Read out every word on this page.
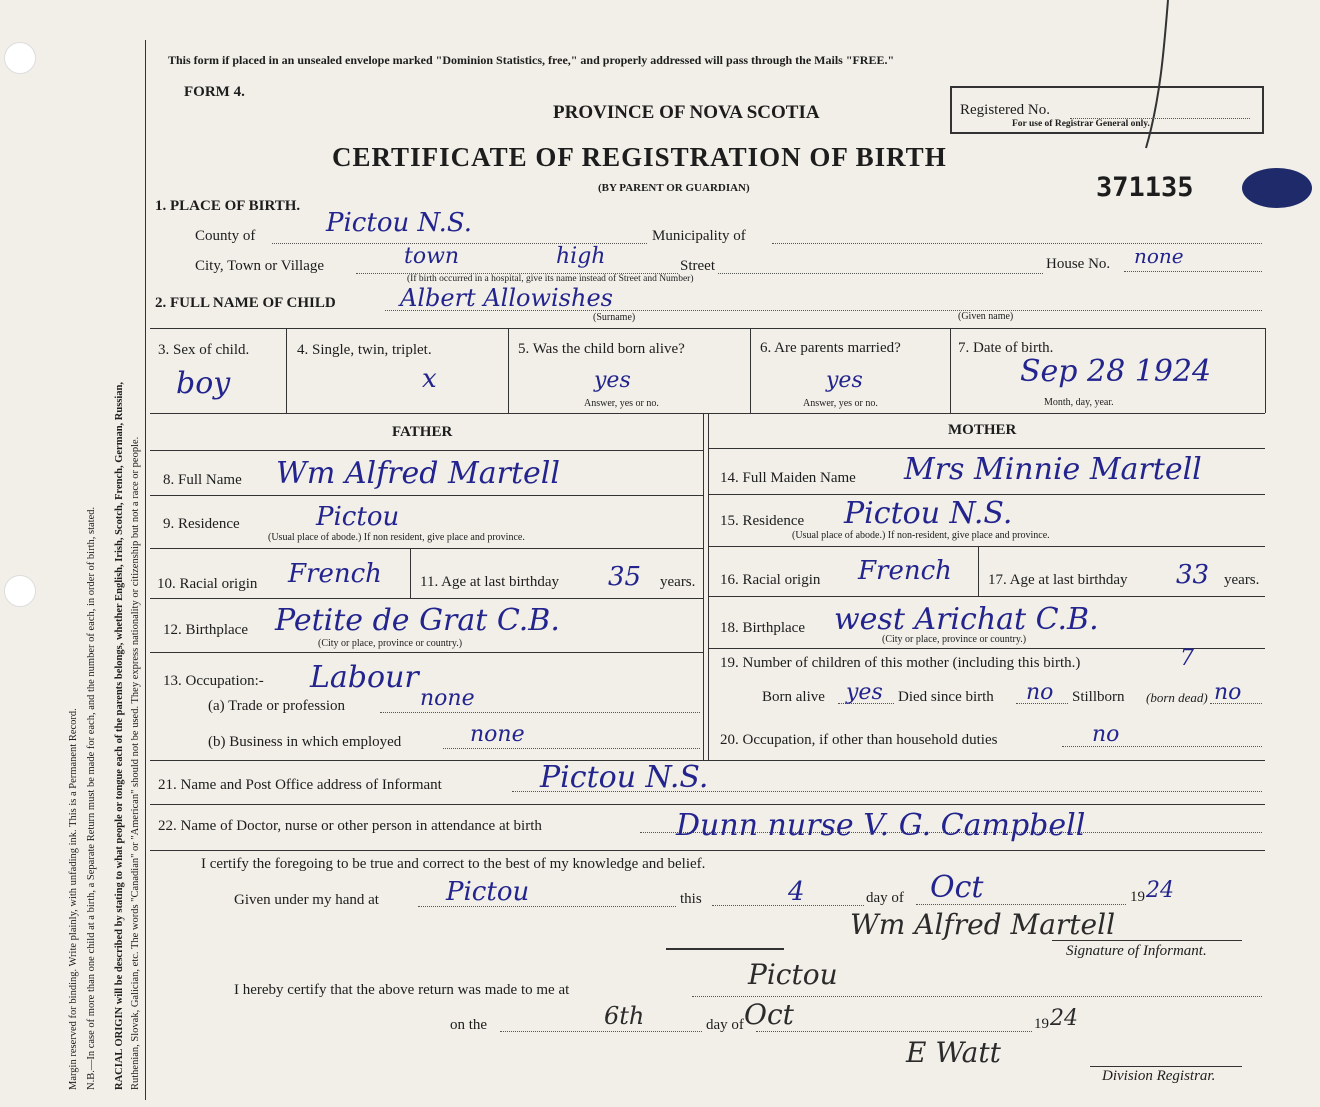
Margin reserved for binding. Write plainly, with unfading ink. This is a Permanent Record. N.B.—In case of more than one child at a birth, a Separate Return must be made for each, and the number of each, in order of birth, stated. RACIAL ORIGIN will be described by stating to what people or tongue each of the parents belongs, whether English, Irish, Scotch, French, German, Russian, Ruthenian, Slovak, Galician, etc. The words "Canadian" or "American" should not be used. They express nationality or citizenship but not a race or people.
This form if placed in an unsealed envelope marked "Dominion Statistics, free," and properly addressed will pass through the Mails "FREE."
FORM 4.
PROVINCE OF NOVA SCOTIA
CERTIFICATE OF REGISTRATION OF BIRTH
(BY PARENT OR GUARDIAN)
Registered No.
For use of Registrar General only.
371135
1. PLACE OF BIRTH.
County of	Pictou N.S.	Municipality of
City, Town or Village	town	high	Street
(If birth occurred in a hospital, give its name instead of Street and Number)
House No. none
2. FULL NAME OF CHILD	Albert Allowishes
(Surname)	(Given name)
3. Sex of child.
boy
4. Single, twin, triplet.
x
5. Was the child born alive?
yes
Answer, yes or no.
6. Are parents married?
yes
Answer, yes or no.
7. Date of birth.
Sep 28 1924
Month, day, year.
FATHER
8. Full Name Wm Alfred Martell
9. Residence	Pictou
(Usual place of abode.) If non resident, give place and province.
10. Racial origin French	11. Age at last birthday 35 years.
12. Birthplace Petite de Grat C.B.
(City or place, province or country.)
13. Occupation:- Labour
(a) Trade or profession	none
(b) Business in which employed	none
MOTHER
14. Full Maiden Name Mrs Minnie Martell
15. Residence Pictou N.S.
(Usual place of abode.) If non-resident, give place and province.
16. Racial origin French 17. Age at last birthday 33 years.
18. Birthplace west Arichat C.B.
(City or place, province or country.)
19. Number of children of this mother (including this birth.)	7
Born alive yes Died since birth no Stillborn (born dead) no
20. Occupation, if other than household duties	no
21. Name and Post Office address of Informant	Pictou N.S.
22. Name of Doctor, nurse or other person in attendance at birth	Dunn nurse V. G. Campbell
I certify the foregoing to be true and correct to the best of my knowledge and belief.
Given under my hand at	Pictou	this	4	day of Oct	19 24
Wm Alfred Martell
Signature of Informant.
I hereby certify that the above return was made to me at	Pictou
on the	6th	day of Oct	19 24
E Watt
Division Registrar.
